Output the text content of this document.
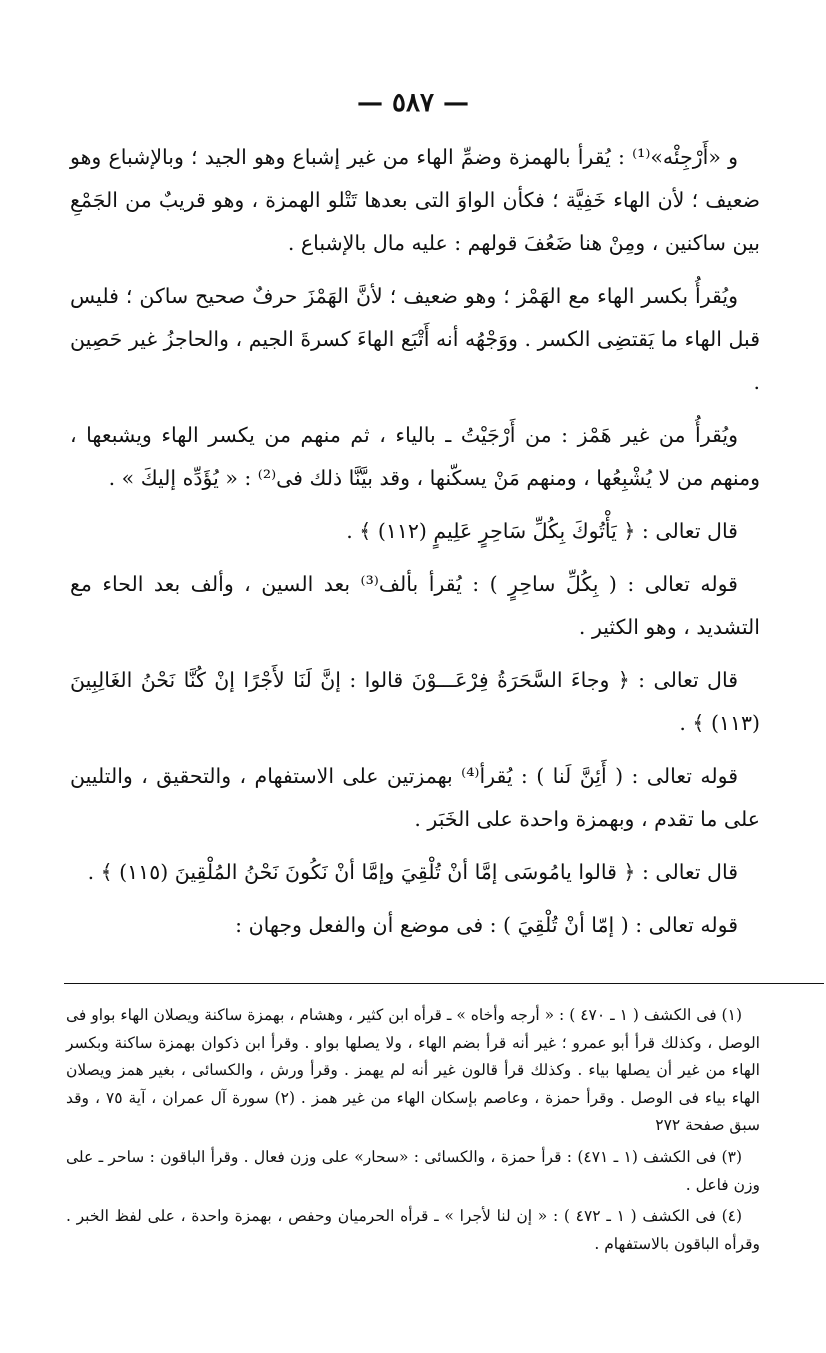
— ٥٨٧ —

و «أَرْجِئْه»⁽¹⁾ : يُقرأ بالهمزة وضمِّ الهاء من غير إشباع وهو الجيد ؛ وبالإشباع وهو ضعيف ؛ لأن الهاء خَفِيَّة ؛ فكأن الواوَ التى بعدها تَتْلو الهمزة ، وهو قريبٌ من الجَمْعِ بين ساكنين ، ومِنْ هنا ضَعُفَ قولهم : عليه مال بالإشباع .

ويُقرأُ بكسر الهاء مع الهَمْز ؛ وهو ضعيف ؛ لأنَّ الهَمْزَ حرفٌ صحيح ساكن ؛ فليس قبل الهاء ما يَقتضِى الكسر . ووَجْهُه أنه أَتْبَع الهاءَ كسرةَ الجيم ، والحاجزُ غير حَصِين .

ويُقرأُ من غير هَمْز : من أَرْجَيْتُ ـ بالياء ، ثم منهم من يكسر الهاء ويشبعها ، ومنهم من لا يُشْبِعُها ، ومنهم مَنْ يسكّنها ، وقد بيَّنَّا ذلك فى⁽²⁾ : « يُؤَدِّه إليكَ » .

قال تعالى : ﴿ يَأْتُوكَ بِكُلِّ سَاحِرٍ عَلِيمٍ (١١٢) ﴾ .

قوله تعالى : ( بِكُلِّ ساحِرٍ ) : يُقرأ بألف⁽³⁾ بعد السين ، وألف بعد الحاء مع التشديد ، وهو الكثير .

قال تعالى : ﴿ وجاءَ السَّحَرَةُ فِرْعَـــوْنَ قالوا : إنَّ لَنَا لأَجْرًا إنْ كُنَّا نَحْنُ الغَالِبِينَ (١١٣) ﴾ .

قوله تعالى : ( أَئِنَّ لَنا ) : يُقرأ⁽⁴⁾ بهمزتين على الاستفهام ، والتحقيق ، والتليين على ما تقدم ، وبهمزة واحدة على الخَبَر .

قال تعالى : ﴿ قالوا يامُوسَى إمَّا أنْ تُلْقِيَ وإمَّا أنْ نَكُونَ نَحْنُ المُلْقِينَ (١١٥) ﴾ .

قوله تعالى : ( إمّا أنْ تُلْقِيَ ) : فى موضع أن والفعل وجهان :

(١) فى الكشف ( ١ ـ ٤٧٠ ) : « أرجه وأخاه » ـ قرأه ابن كثير ، وهشام ، بهمزة ساكنة ويصلان الهاء بواو فى الوصل ، وكذلك قرأ أبو عمرو ؛ غير أنه قرأ بضم الهاء ، ولا يصلها بواو . وقرأ ابن ذكوان بهمزة ساكنة وبكسر الهاء من غير أن يصلها بياء . وكذلك قرأ قالون غير أنه لم يهمز . وقرأ ورش ، والكسائى ، بغير همز ويصلان الهاء بياء فى الوصل . وقرأ حمزة ، وعاصم بإسكان الهاء من غير همز . (٢) سورة آل عمران ، آية ٧٥ ، وقد سبق صفحة ٢٧٢

(٣) فى الكشف (١ ـ ٤٧١) : قرأ حمزة ، والكسائى : «سحار» على وزن فعال . وقرأ الباقون : ساحر ـ على وزن فاعل .

(٤) فى الكشف ( ١ ـ ٤٧٢ ) : « إن لنا لأجرا » ـ قرأه الحرميان وحفص ، بهمزة واحدة ، على لفظ الخبر . وقرأه الباقون بالاستفهام .
